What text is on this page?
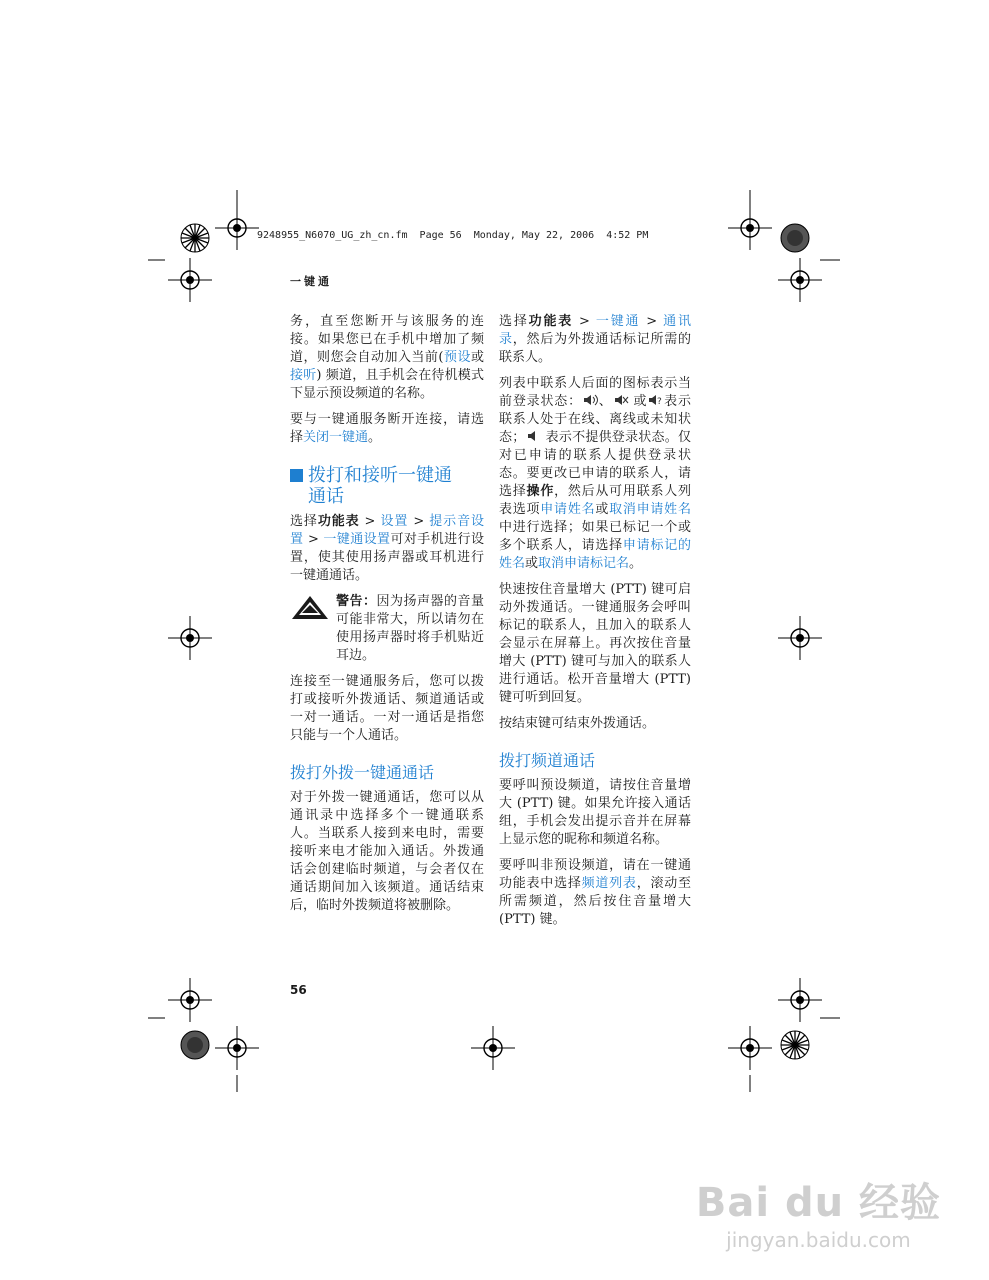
9248955_N6070_UG_zh_cn.fm  Page 56  Monday, May 22, 2006  4:52 PM
一键通

务，直至您断开与该服务的连接。如果您已在手机中增加了频道，则您会自动加入当前(预设或接听) 频道，且手机会在待机模式下显示预设频道的名称。

要与一键通服务断开连接，请选择关闭一键通。

拨打和接听一键通
通话

选择功能表 > 设置 > 提示音设置 > 一键通设置可对手机进行设置，使其使用扬声器或耳机进行一键通通话。

警告：因为扬声器的音量可能非常大，所以请勿在使用扬声器时将手机贴近耳边。

连接至一键通服务后，您可以拨打或接听外拨通话、频道通话或一对一通话。一对一通话是指您只能与一个人通话。

拨打外拨一键通通话

对于外拨一键通通话，您可以从通讯录中选择多个一键通联系人。当联系人接到来电时，需要接听来电才能加入通话。外拨通话会创建临时频道，与会者仅在通话期间加入该频道。通话结束后，临时外拨频道将被删除。

选择功能表 > 一键通 > 通讯录，然后为外拨通话标记所需的联系人。

列表中联系人后面的图标表示当前登录状态： 、 或 ? 表示联系人处于在线、离线或未知状态； 表示不提供登录状态。仅对已申请的联系人提供登录状态。要更改已申请的联系人，请选择操作，然后从可用联系人列表选项申请姓名或取消申请姓名中进行选择；如果已标记一个或多个联系人，请选择申请标记的姓名或取消申请标记名。

快速按住音量增大 (PTT) 键可启动外拨通话。一键通服务会呼叫标记的联系人，且加入的联系人会显示在屏幕上。再次按住音量增大 (PTT) 键可与加入的联系人进行通话。松开音量增大 (PTT) 键可听到回复。

按结束键可结束外拨通话。

拨打频道通话

要呼叫预设频道，请按住音量增大 (PTT) 键。如果允许接入通话组，手机会发出提示音并在屏幕上显示您的昵称和频道名称。

要呼叫非预设频道，请在一键通功能表中选择频道列表，滚动至所需频道，然后按住音量增大 (PTT) 键。

56
Bai du 经验
jingyan.baidu.com
